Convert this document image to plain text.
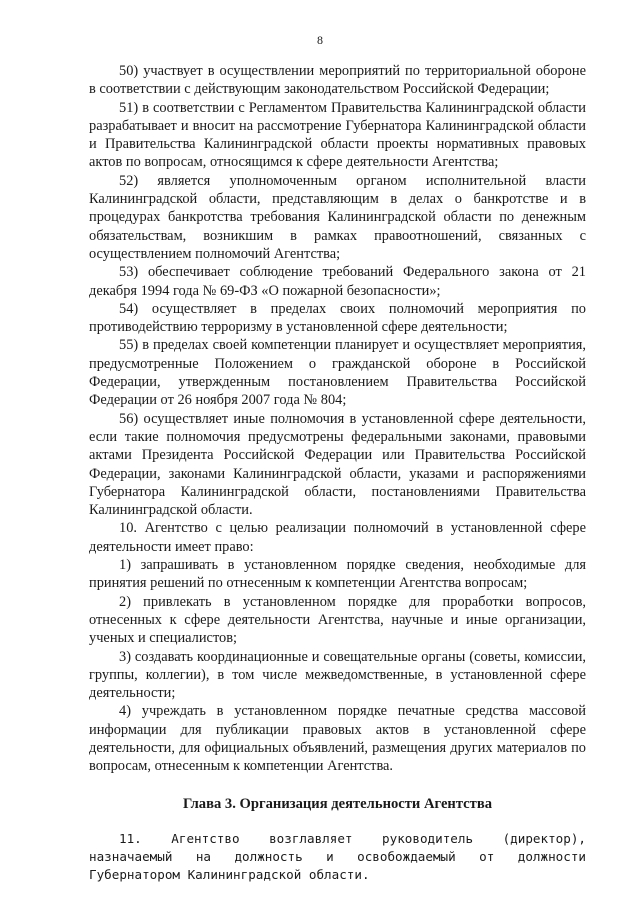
8

50) участвует в осуществлении мероприятий по территориальной обороне в соответствии с действующим законодательством Российской Федерации;

51) в соответствии с Регламентом Правительства Калининградской области разрабатывает и вносит на рассмотрение Губернатора Калининградской области и Правительства Калининградской области проекты нормативных правовых актов по вопросам, относящимся к сфере деятельности Агентства;

52) является уполномоченным органом исполнительной власти Калининградской области, представляющим в делах о банкротстве и в процедурах банкротства требования Калининградской области по денежным обязательствам, возникшим в рамках правоотношений, связанных с осуществлением полномочий Агентства;

53) обеспечивает соблюдение требований Федерального закона от 21 декабря 1994 года № 69-ФЗ «О пожарной безопасности»;

54) осуществляет в пределах своих полномочий мероприятия по противодействию терроризму в установленной сфере деятельности;

55) в пределах своей компетенции планирует и осуществляет мероприятия, предусмотренные Положением о гражданской обороне в Российской Федерации, утвержденным постановлением Правительства Российской Федерации от 26 ноября 2007 года № 804;

56) осуществляет иные полномочия в установленной сфере деятельности, если такие полномочия предусмотрены федеральными законами, правовыми актами Президента Российской Федерации или Правительства Российской Федерации, законами Калининградской области, указами и распоряжениями Губернатора Калининградской области, постановлениями Правительства Калининградской области.

10. Агентство с целью реализации полномочий в установленной сфере деятельности имеет право:

1) запрашивать в установленном порядке сведения, необходимые для принятия решений по отнесенным к компетенции Агентства вопросам;

2) привлекать в установленном порядке для проработки вопросов, отнесенных к сфере деятельности Агентства, научные и иные организации, ученых и специалистов;

3) создавать координационные и совещательные органы (советы, комиссии, группы, коллегии), в том числе межведомственные, в установленной сфере деятельности;

4) учреждать в установленном порядке печатные средства массовой информации для публикации правовых актов в установленной сфере деятельности, для официальных объявлений, размещения других материалов по вопросам, отнесенным к компетенции Агентства.

Глава 3. Организация деятельности Агентства

11. Агентство возглавляет руководитель (директор), назначаемый на должность и освобождаемый от должности Губернатором Калининградской области.
